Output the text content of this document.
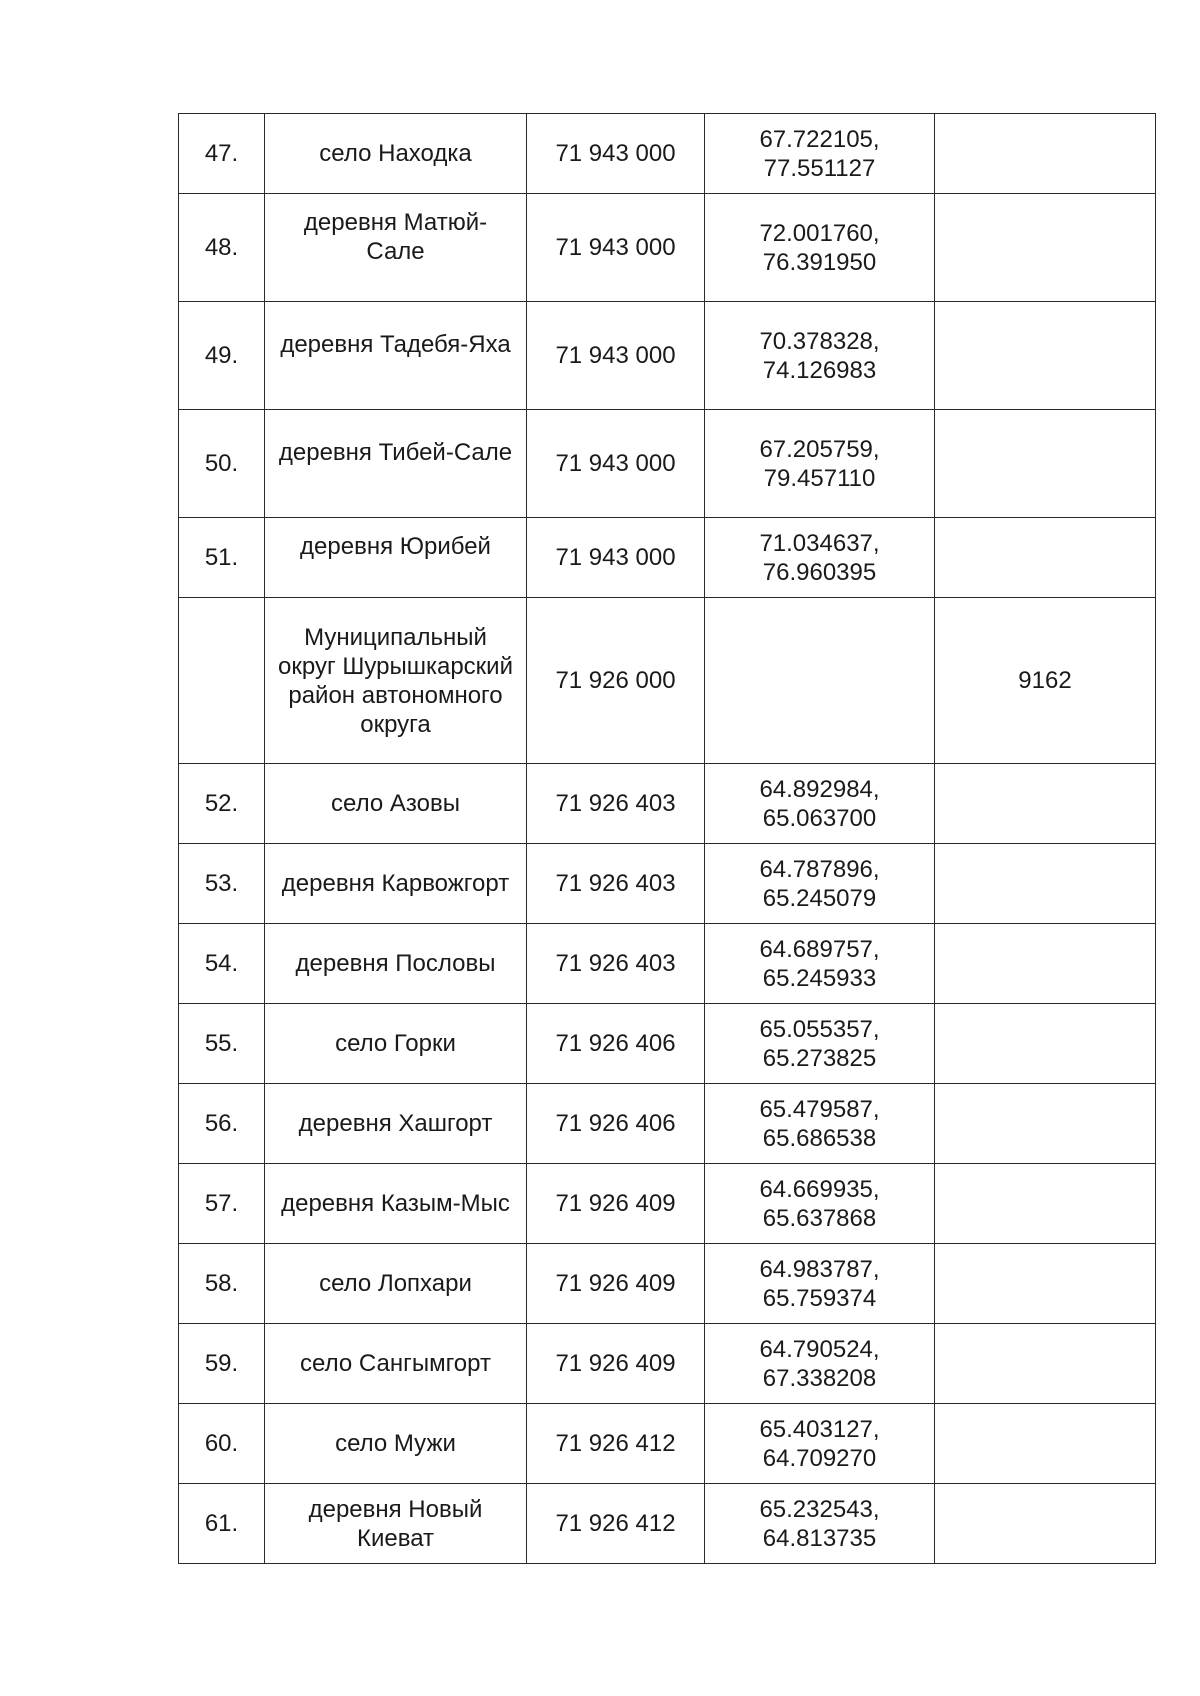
47.	село Находка	71 943 000	67.722105,
77.551127	

48.	деревня Матюй-Сале	71 943 000	72.001760,
76.391950	

49.	деревня Тадебя-Яха	71 943 000	70.378328,
74.126983	

50.	деревня Тибей-Сале	71 943 000	67.205759,
79.457110	

51.	деревня Юрибей	71 943 000	71.034637,
76.960395	

	Муниципальный округ Шурышкарский район автономного округа	71 926 000		9162
52.	село Азовы	71 926 403	64.892984,
65.063700	

53.	деревня Карвожгорт	71 926 403	64.787896,
65.245079	

54.	деревня Пословы	71 926 403	64.689757,
65.245933	

55.	село Горки	71 926 406	65.055357,
65.273825	

56.	деревня Хашгорт	71 926 406	65.479587,
65.686538	

57.	деревня Казым-Мыс	71 926 409	64.669935,
65.637868	

58.	село Лопхари	71 926 409	64.983787,
65.759374	

59.	село Сангымгорт	71 926 409	64.790524,
67.338208	

60.	село Мужи	71 926 412	65.403127,
64.709270	

61.	деревня Новый Киеват	71 926 412	65.232543,
64.813735	
